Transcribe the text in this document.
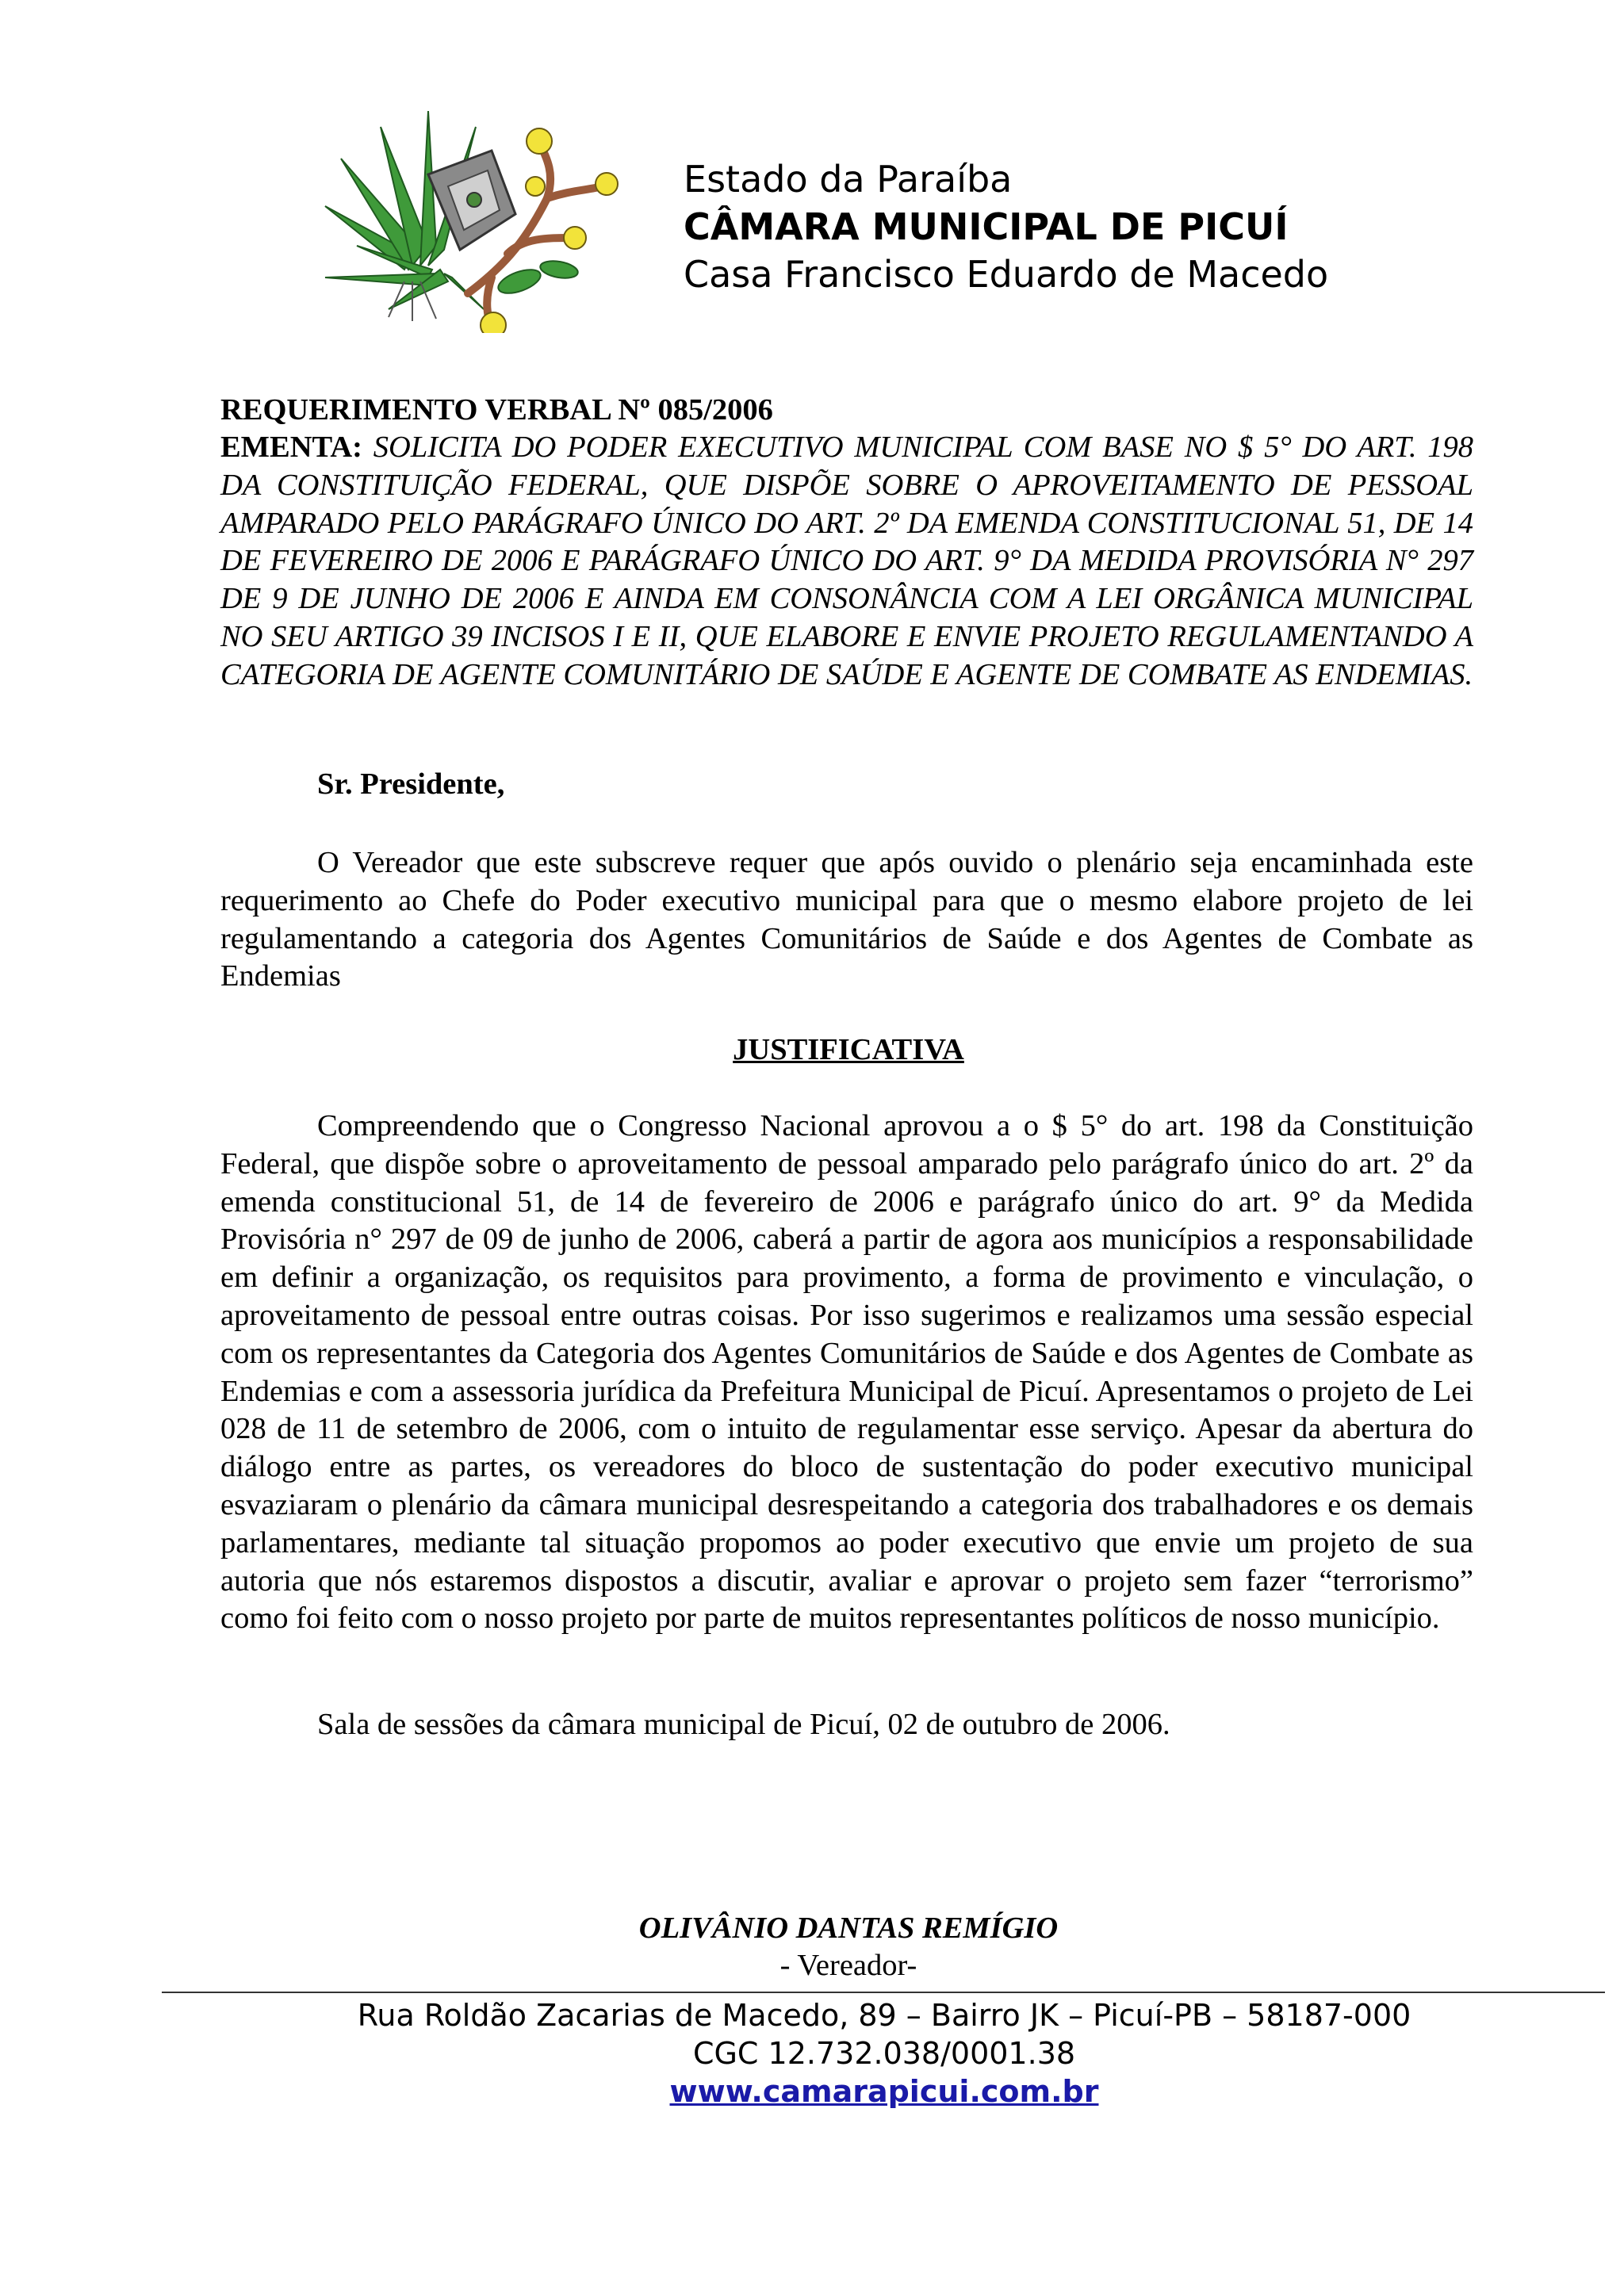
Estado da Paraíba
CÂMARA MUNICIPAL DE PICUÍ
Casa Francisco Eduardo de Macedo
REQUERIMENTO VERBAL Nº 085/2006
EMENTA: SOLICITA DO PODER EXECUTIVO MUNICIPAL COM BASE NO $ 5° DO ART. 198 DA CONSTITUIÇÃO FEDERAL, QUE DISPÕE SOBRE O APROVEITAMENTO DE PESSOAL AMPARADO PELO PARÁGRAFO ÚNICO DO ART. 2º DA EMENDA CONSTITUCIONAL 51, DE 14 DE FEVEREIRO DE 2006 E PARÁGRAFO ÚNICO DO ART. 9° DA MEDIDA PROVISÓRIA N° 297 DE 9 DE JUNHO DE 2006 E AINDA EM CONSONÂNCIA COM A LEI ORGÂNICA MUNICIPAL NO SEU ARTIGO 39 INCISOS I E II, QUE ELABORE E ENVIE PROJETO REGULAMENTANDO A CATEGORIA DE AGENTE COMUNITÁRIO DE SAÚDE E AGENTE DE COMBATE AS ENDEMIAS.
Sr. Presidente,
O Vereador que este subscreve requer que após ouvido o plenário seja encaminhada este requerimento ao Chefe do Poder executivo municipal para que o mesmo elabore projeto de lei regulamentando a categoria dos Agentes Comunitários de Saúde e dos Agentes de Combate as Endemias
JUSTIFICATIVA
Compreendendo que o Congresso Nacional aprovou a o $ 5° do art. 198 da Constituição Federal, que dispõe sobre o aproveitamento de pessoal amparado pelo parágrafo único do art. 2º da emenda constitucional 51, de 14 de fevereiro de 2006 e parágrafo único do art. 9° da Medida Provisória n° 297 de 09 de junho de 2006, caberá a partir de agora aos municípios a responsabilidade em definir a organização, os requisitos para provimento, a forma de provimento e vinculação, o aproveitamento de pessoal entre outras coisas. Por isso sugerimos e realizamos uma sessão especial com os representantes da Categoria dos Agentes Comunitários de Saúde e dos Agentes de Combate as Endemias e com a assessoria jurídica da Prefeitura Municipal de Picuí. Apresentamos o projeto de Lei 028 de 11 de setembro de 2006, com o intuito de regulamentar esse serviço. Apesar da abertura do diálogo entre as partes, os vereadores do bloco de sustentação do poder executivo municipal esvaziaram o plenário da câmara municipal desrespeitando a categoria dos trabalhadores e os demais parlamentares, mediante tal situação propomos ao poder executivo que envie um projeto de sua autoria que nós estaremos dispostos a discutir, avaliar e aprovar o projeto sem fazer “terrorismo” como foi feito com o nosso projeto por parte de muitos representantes políticos de nosso município.
Sala de sessões da câmara municipal de Picuí, 02 de outubro de 2006.
OLIVÂNIO DANTAS REMÍGIO
- Vereador-
Rua Roldão Zacarias de Macedo, 89 – Bairro JK – Picuí-PB – 58187-000
CGC 12.732.038/0001.38
www.camarapicui.com.br
